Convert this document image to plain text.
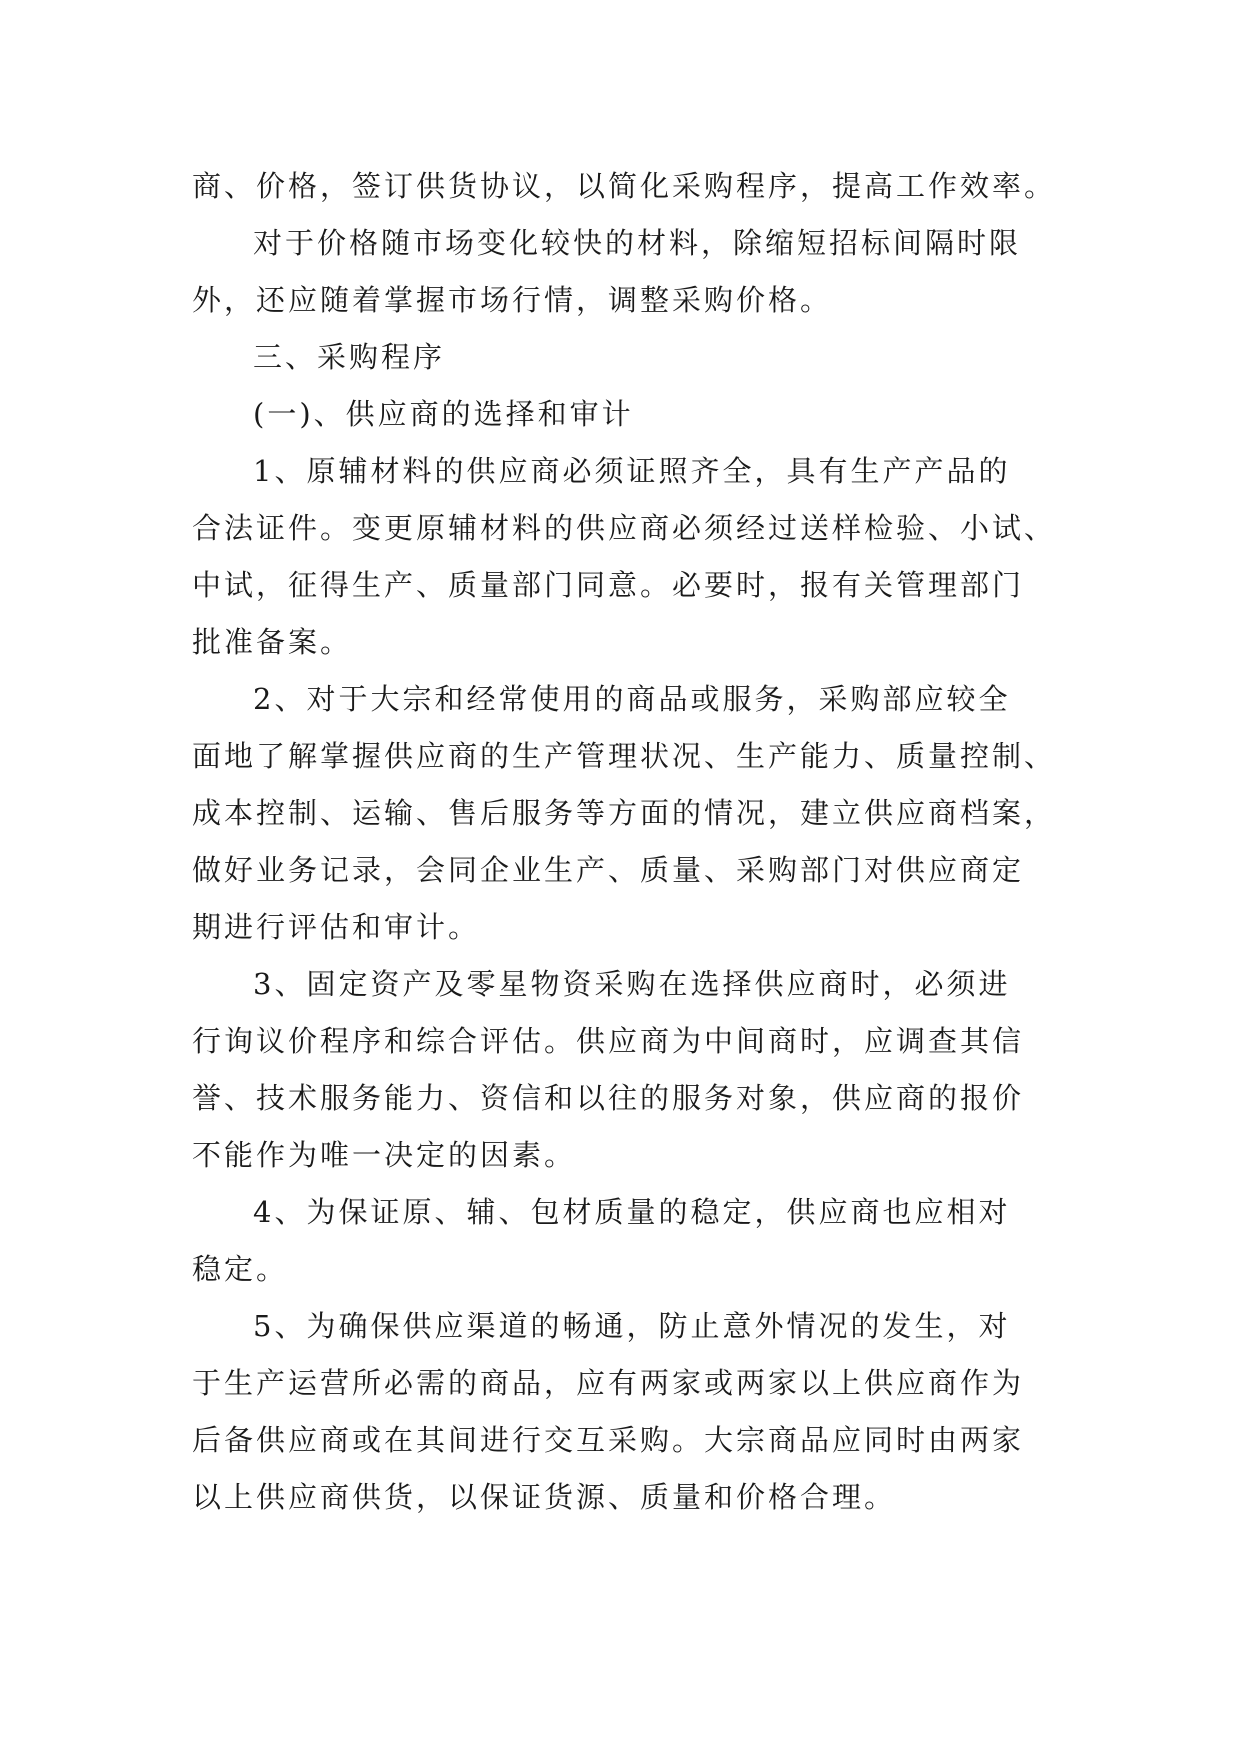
商、价格，签订供货协议，以简化采购程序，提高工作效率。
对于价格随市场变化较快的材料，除缩短招标间隔时限
外，还应随着掌握市场行情，调整采购价格。
三、采购程序
(一)、供应商的选择和审计
1、原辅材料的供应商必须证照齐全，具有生产产品的
合法证件。变更原辅材料的供应商必须经过送样检验、小试、
中试，征得生产、质量部门同意。必要时，报有关管理部门
批准备案。
2、对于大宗和经常使用的商品或服务，采购部应较全
面地了解掌握供应商的生产管理状况、生产能力、质量控制、
成本控制、运输、售后服务等方面的情况，建立供应商档案，
做好业务记录，会同企业生产、质量、采购部门对供应商定
期进行评估和审计。
3、固定资产及零星物资采购在选择供应商时，必须进
行询议价程序和综合评估。供应商为中间商时，应调查其信
誉、技术服务能力、资信和以往的服务对象，供应商的报价
不能作为唯一决定的因素。
4、为保证原、辅、包材质量的稳定，供应商也应相对
稳定。
5、为确保供应渠道的畅通，防止意外情况的发生，对
于生产运营所必需的商品，应有两家或两家以上供应商作为
后备供应商或在其间进行交互采购。大宗商品应同时由两家
以上供应商供货，以保证货源、质量和价格合理。
